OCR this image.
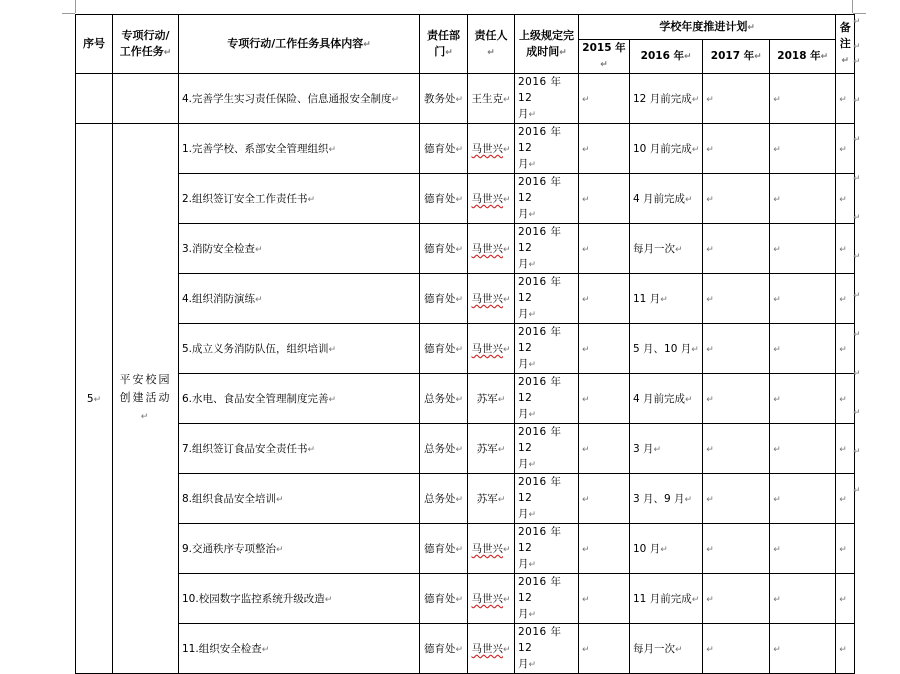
序号	专项行动/工作任务↵	专项行动/工作任务具体内容↵	责任部门↵	责任人↵	上级规定完成时间↵	学校年度推进计划↵				备注↵
						2015 年↵	2016 年↵	2017 年↵	2018 年↵	
		4.完善学生实习责任保险、信息通报安全制度↵	教务处↵	王生克↵	2016 年 12
月↵	↵	12 月前完成↵	↵	↵	↵
5↵	平安校园创建活动↵	1.完善学校、系部安全管理组织↵	德育处↵	马世兴↵	2016 年 12
月↵	↵	10 月前完成↵	↵	↵	↵
		2.组织签订安全工作责任书↵	德育处↵	马世兴↵	2016 年 12
月↵	↵	4 月前完成↵	↵	↵	↵
		3.消防安全检查↵	德育处↵	马世兴↵	2016 年 12
月↵	↵	每月一次↵	↵	↵	↵
		4.组织消防演练↵	德育处↵	马世兴↵	2016 年 12
月↵	↵	11 月↵	↵	↵	↵
		5.成立义务消防队伍，组织培训↵	德育处↵	马世兴↵	2016 年 12
月↵	↵	5 月、10 月↵	↵	↵	↵
		6.水电、食品安全管理制度完善↵	总务处↵	苏军↵	2016 年 12
月↵	↵	4 月前完成↵	↵	↵	↵
		7.组织签订食品安全责任书↵	总务处↵	苏军↵	2016 年 12
月↵	↵	3 月↵	↵	↵	↵
		8.组织食品安全培训↵	总务处↵	苏军↵	2016 年 12
月↵	↵	3 月、9 月↵	↵	↵	↵
		9.交通秩序专项整治↵	德育处↵	马世兴↵	2016 年 12
月↵	↵	10 月↵	↵	↵	↵
		10.校园数字监控系统升级改造↵	德育处↵	马世兴↵	2016 年 12
月↵	↵	11 月前完成↵	↵	↵	↵
		11.组织安全检查↵	德育处↵	马世兴↵	2016 年 12
月↵	↵	每月一次↵	↵	↵	↵
↵
↵
↵
↵
↵
↵
↵
↵
↵
↵
↵
↵
↵
↵
